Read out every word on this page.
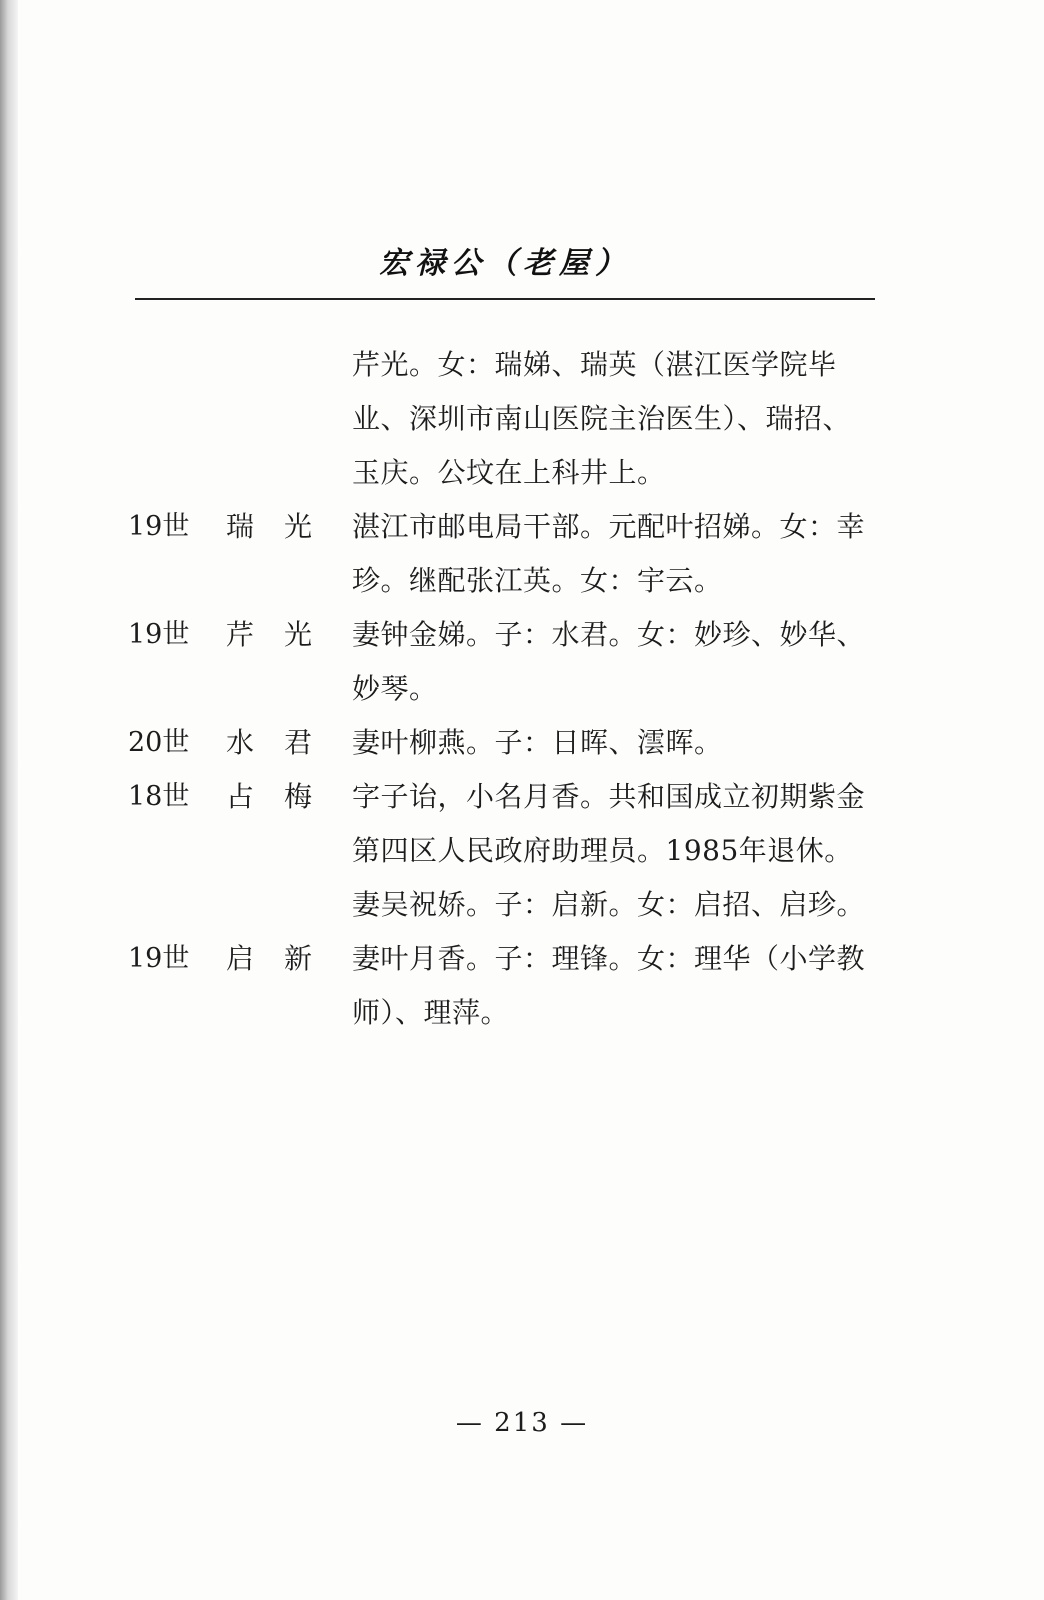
宏禄公（老屋）
芹光。女：瑞娣、瑞英（湛江医学院毕业、深圳市南山医院主治医生）、瑞招、玉庆。公坟在上科井上。
19世	瑞光 湛江市邮电局干部。元配叶招娣。女：幸珍。继配张江英。女：宇云。
19世	芹光 妻钟金娣。子：水君。女：妙珍、妙华、妙琴。
20世	水君 妻叶柳燕。子：日晖、澐晖。
18世	占梅 字子诒，小名月香。共和国成立初期紫金第四区人民政府助理员。1985年退休。妻吴祝娇。子：启新。女：启招、启珍。
19世	启新 妻叶月香。子：理锋。女：理华（小学教师）、理萍。
— 213 —
